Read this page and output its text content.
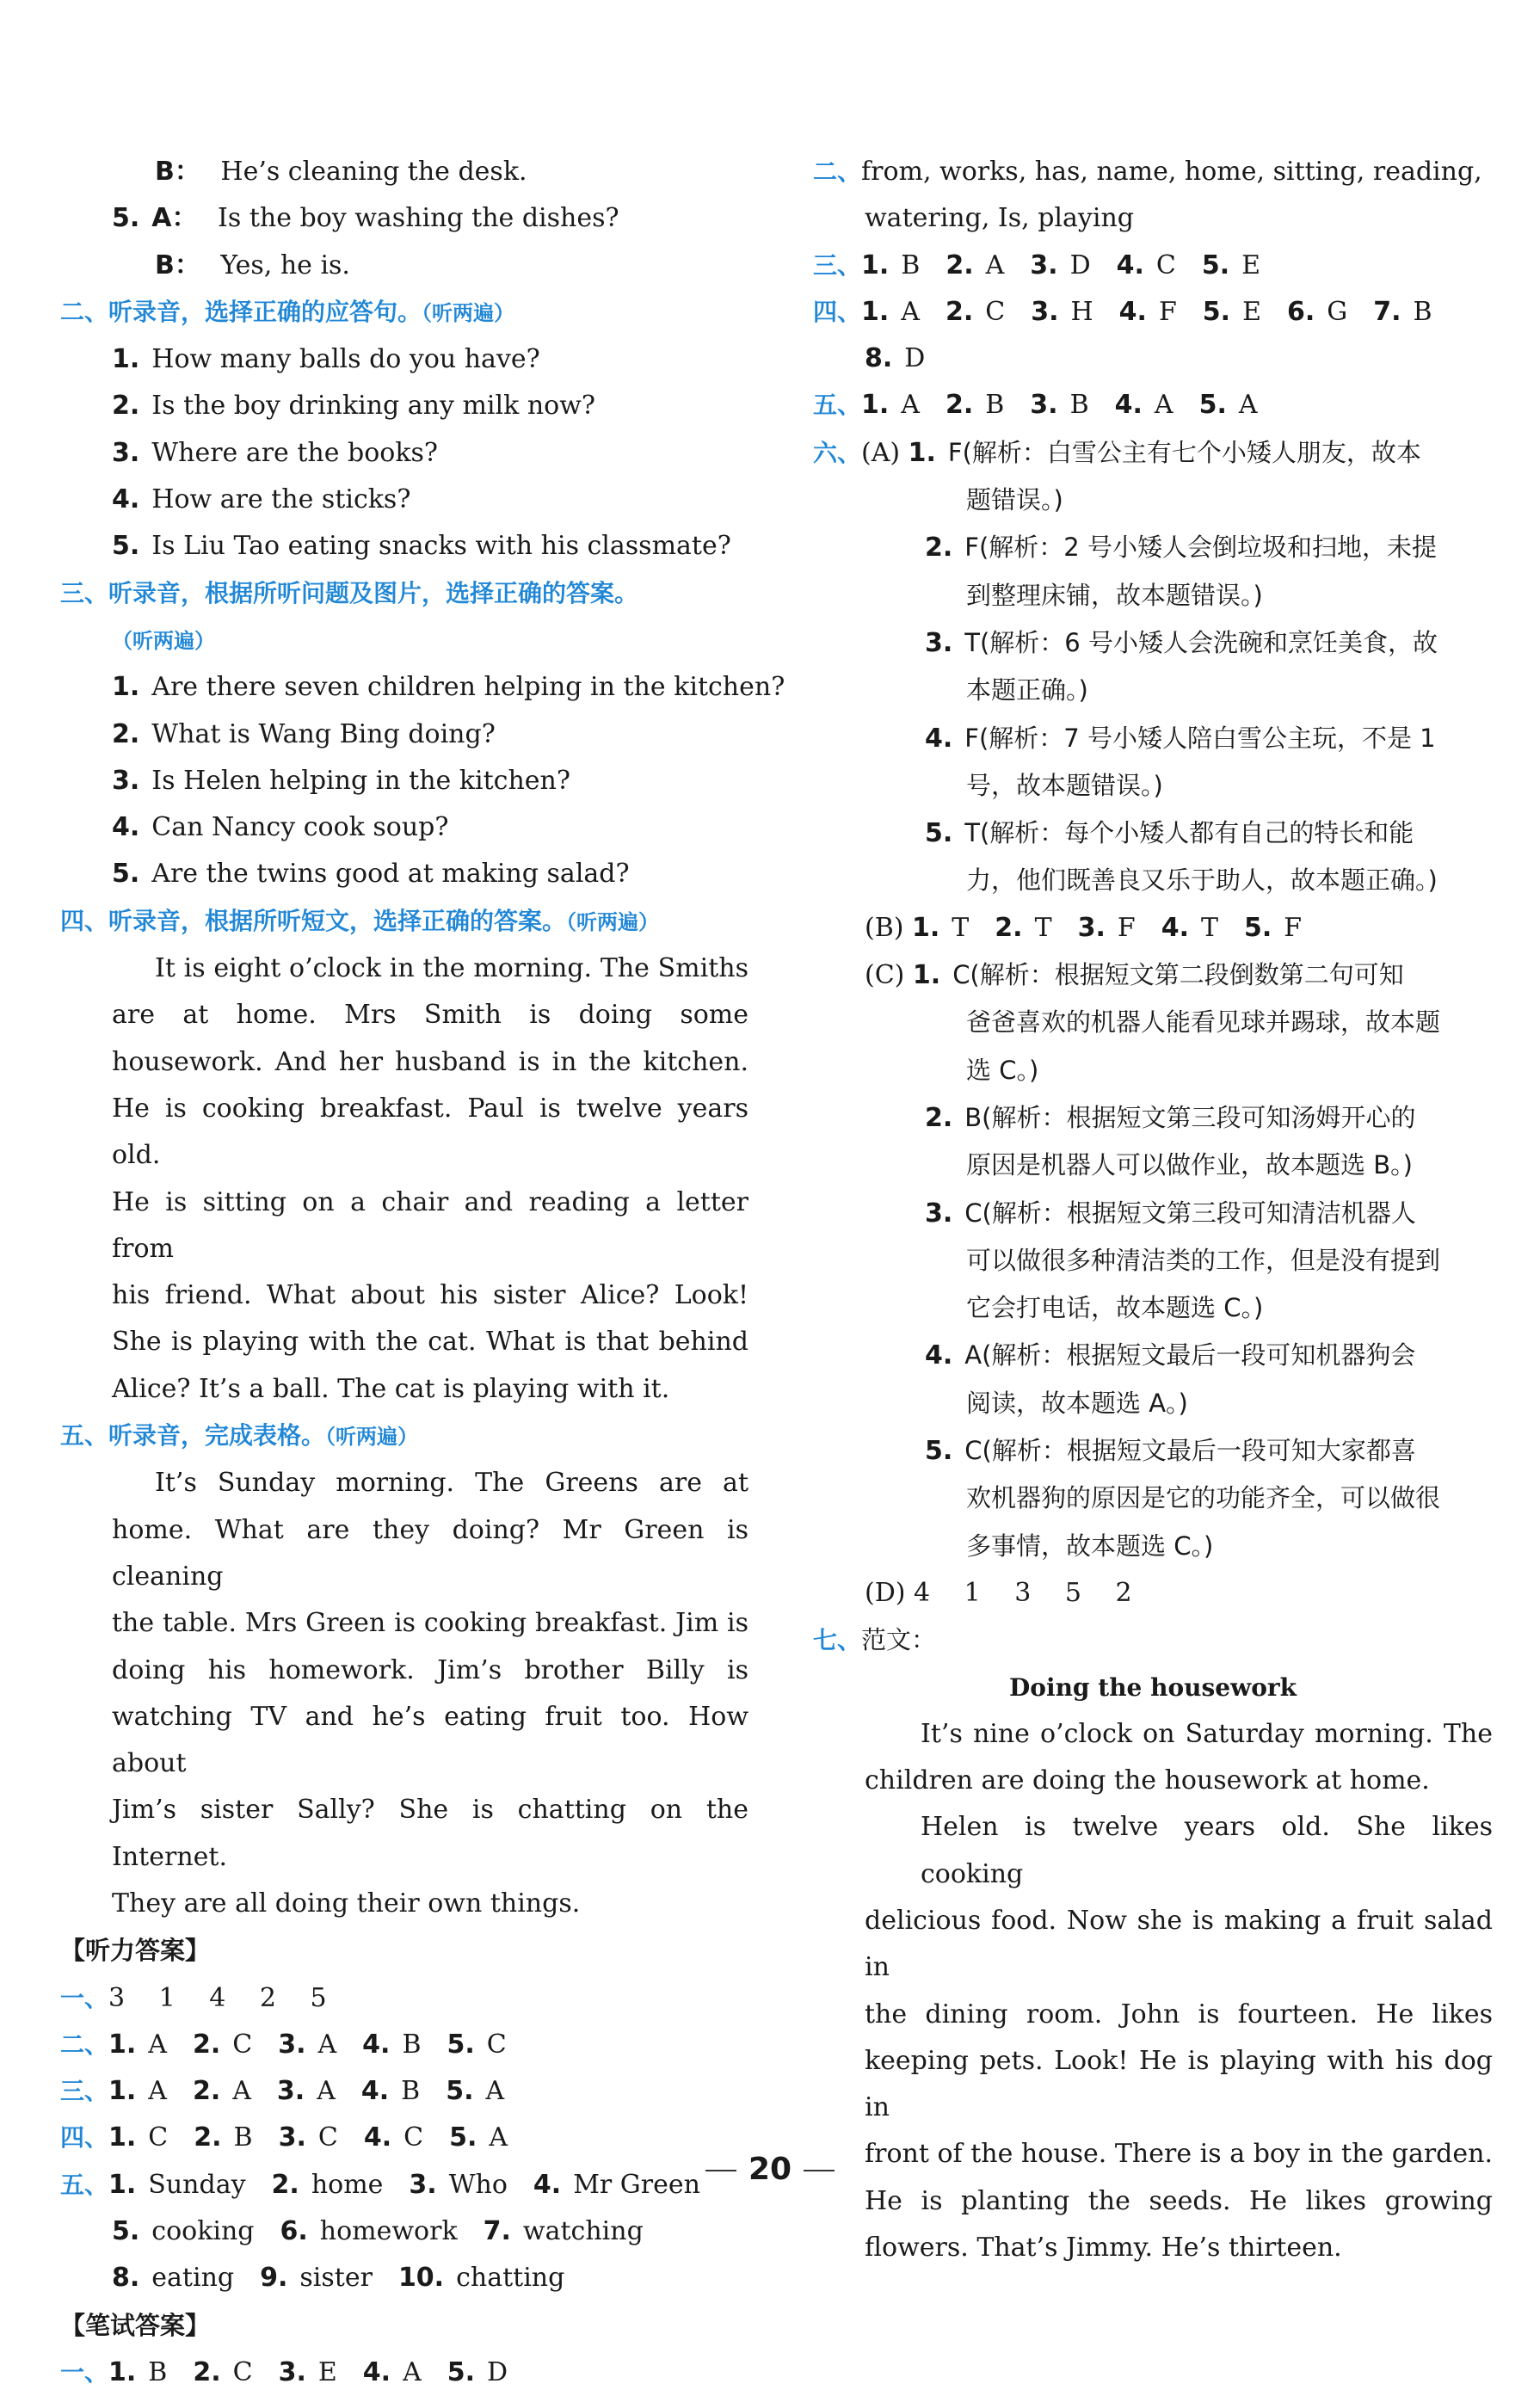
B： He’s cleaning the desk.
5. A： Is the boy washing the dishes?
B： Yes, he is.
二、听录音，选择正确的应答句。（听两遍）
1. How many balls do you have?
2. Is the boy drinking any milk now?
3. Where are the books?
4. How are the sticks?
5. Is Liu Tao eating snacks with his classmate?
三、听录音，根据所听问题及图片，选择正确的答案。
（听两遍）
1. Are there seven children helping in the kitchen?
2. What is Wang Bing doing?
3. Is Helen helping in the kitchen?
4. Can Nancy cook soup?
5. Are the twins good at making salad?
四、听录音，根据所听短文，选择正确的答案。（听两遍）
It is eight o’clock in the morning. The Smiths
are at home. Mrs Smith is doing some
housework. And her husband is in the kitchen.
He is cooking breakfast. Paul is twelve years old.
He is sitting on a chair and reading a letter from
his friend. What about his sister Alice? Look!
She is playing with the cat. What is that behind
Alice? It’s a ball. The cat is playing with it.
五、听录音，完成表格。（听两遍）
It’s Sunday morning. The Greens are at
home. What are they doing? Mr Green is cleaning
the table. Mrs Green is cooking breakfast. Jim is
doing his homework. Jim’s brother Billy is
watching TV and he’s eating fruit too. How about
Jim’s sister Sally? She is chatting on the Internet.
They are all doing their own things.
【听力答案】
一、3  1  4  2  5
二、1. A 2. C 3. A 4. B 5. C
三、1. A 2. A 3. A 4. B 5. A
四、1. C 2. B 3. C 4. C 5. A
五、1. Sunday 2. home 3. Who 4. Mr Green
5. cooking 6. homework 7. watching
8. eating 9. sister 10. chatting
【笔试答案】
一、1. B 2. C 3. E 4. A 5. D
二、from, works, has, name, home, sitting, reading,
watering, Is, playing
三、1. B 2. A 3. D 4. C 5. E
四、1. A 2. C 3. H 4. F 5. E 6. G 7. B
8. D
五、1. A 2. B 3. B 4. A 5. A
六、(A) 1. F(解析：白雪公主有七个小矮人朋友，故本
题错误。)
2. F(解析：2 号小矮人会倒垃圾和扫地，未提
到整理床铺，故本题错误。)
3. T(解析：6 号小矮人会洗碗和烹饪美食，故
本题正确。)
4. F(解析：7 号小矮人陪白雪公主玩，不是 1
号，故本题错误。)
5. T(解析：每个小矮人都有自己的特长和能
力，他们既善良又乐于助人，故本题正确。)
(B) 1. T 2. T 3. F 4. T 5. F
(C) 1. C(解析：根据短文第二段倒数第二句可知
爸爸喜欢的机器人能看见球并踢球，故本题
选 C。)
2. B(解析：根据短文第三段可知汤姆开心的
原因是机器人可以做作业，故本题选 B。)
3. C(解析：根据短文第三段可知清洁机器人
可以做很多种清洁类的工作，但是没有提到
它会打电话，故本题选 C。)
4. A(解析：根据短文最后一段可知机器狗会
阅读，故本题选 A。)
5. C(解析：根据短文最后一段可知大家都喜
欢机器狗的原因是它的功能齐全，可以做很
多事情，故本题选 C。)
(D) 4  1  3  5  2
七、范文：
Doing the housework
It’s nine o’clock on Saturday morning. The
children are doing the housework at home.
Helen is twelve years old. She likes cooking
delicious food. Now she is making a fruit salad in
the dining room. John is fourteen. He likes
keeping pets. Look! He is playing with his dog in
front of the house. There is a boy in the garden.
He is planting the seeds. He likes growing
flowers. That’s Jimmy. He’s thirteen.
20
